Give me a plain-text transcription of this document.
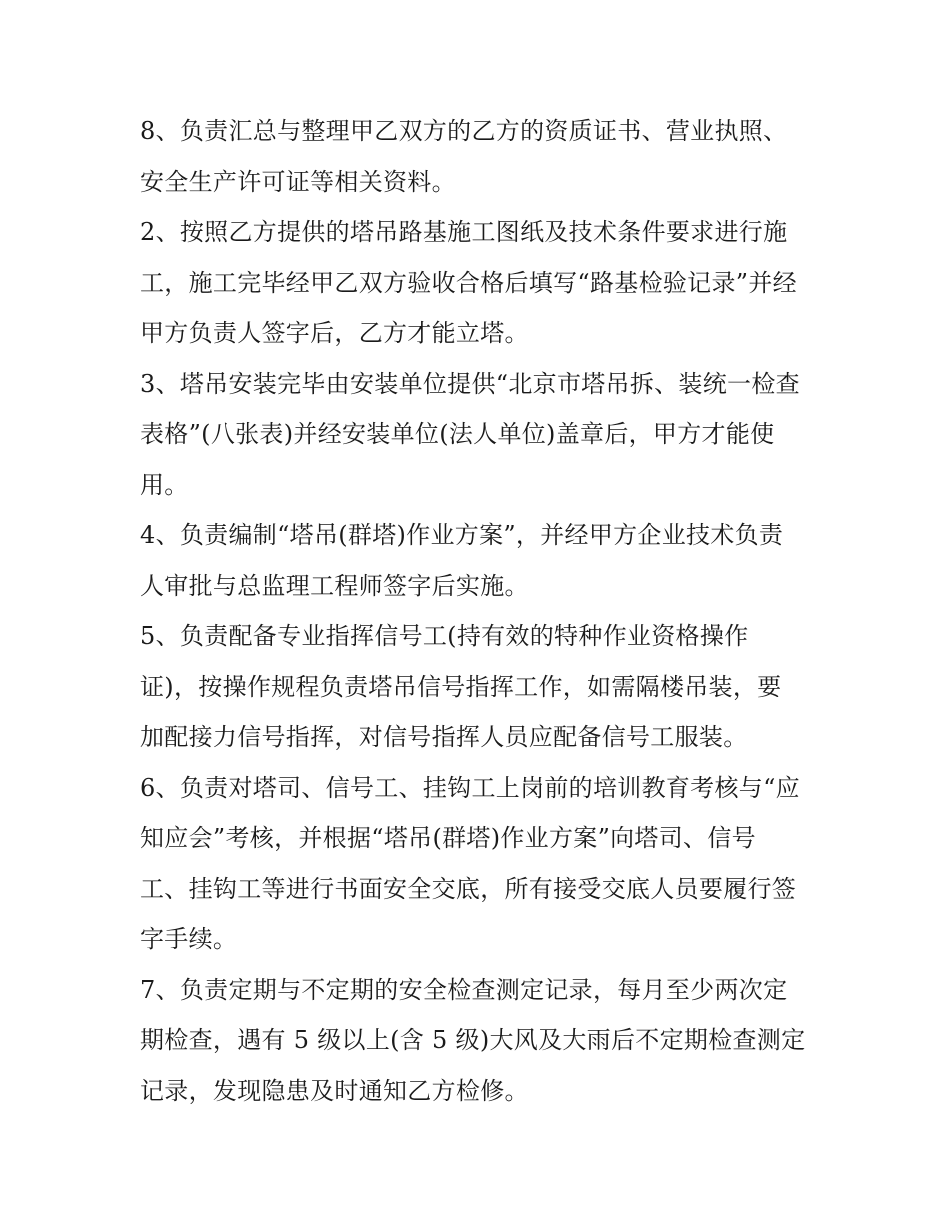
8、负责汇总与整理甲乙双方的乙方的资质证书、营业执照、
安全生产许可证等相关资料。
2、按照乙方提供的塔吊路基施工图纸及技术条件要求进行施
工，施工完毕经甲乙双方验收合格后填写“路基检验记录”并经
甲方负责人签字后，乙方才能立塔。
3、塔吊安装完毕由安装单位提供“北京市塔吊拆、装统一检查
表格”(八张表)并经安装单位(法人单位)盖章后，甲方才能使
用。
4、负责编制“塔吊(群塔)作业方案”，并经甲方企业技术负责
人审批与总监理工程师签字后实施。
5、负责配备专业指挥信号工(持有效的特种作业资格操作
证)，按操作规程负责塔吊信号指挥工作，如需隔楼吊装，要
加配接力信号指挥，对信号指挥人员应配备信号工服装。
6、负责对塔司、信号工、挂钩工上岗前的培训教育考核与“应
知应会”考核，并根据“塔吊(群塔)作业方案”向塔司、信号
工、挂钩工等进行书面安全交底，所有接受交底人员要履行签
字手续。
7、负责定期与不定期的安全检查测定记录，每月至少两次定
期检查，遇有 5 级以上(含 5 级)大风及大雨后不定期检查测定
记录，发现隐患及时通知乙方检修。
